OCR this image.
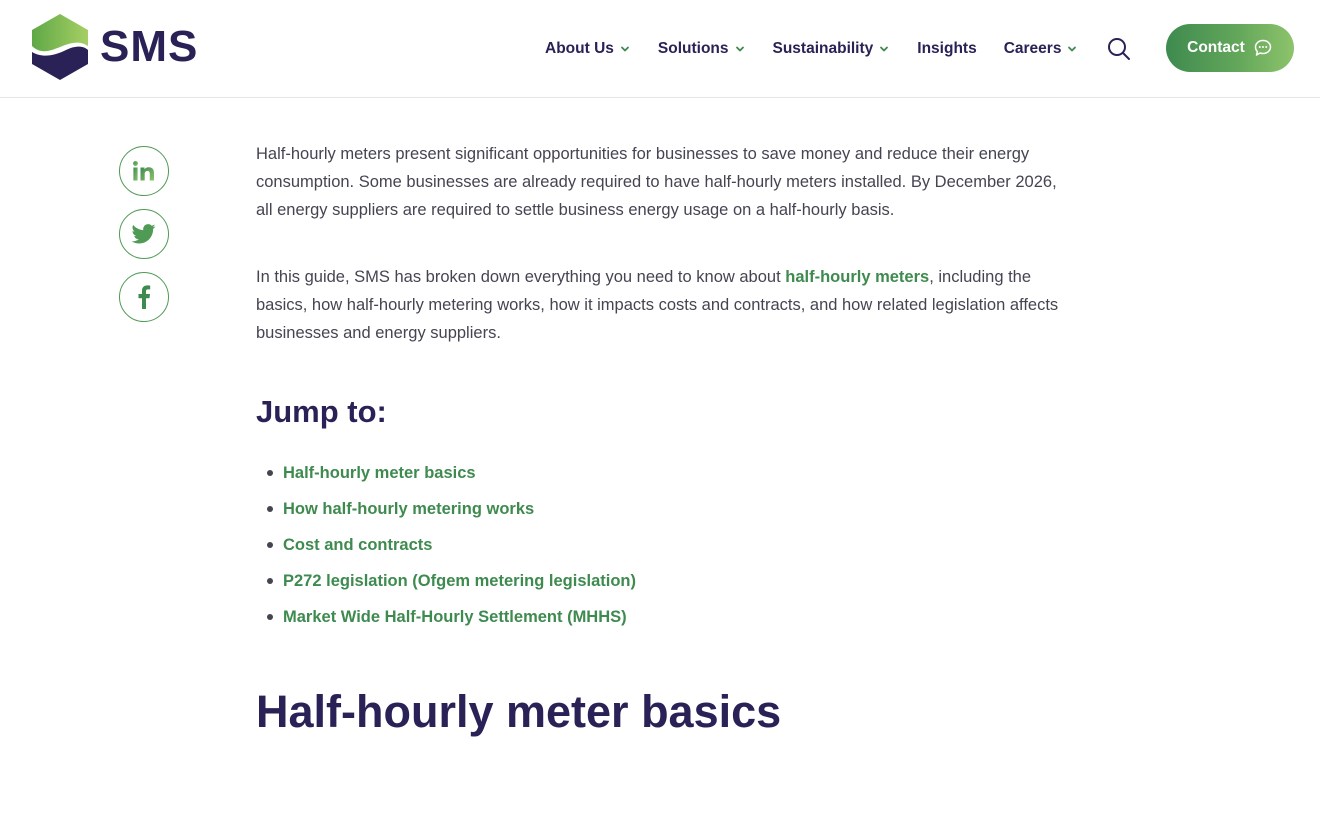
SMS	About Us	Solutions	Sustainability	Insights Careers	Contact

Half-hourly meters present significant opportunities for businesses to save money and reduce their energy consumption. Some businesses are already required to have half-hourly meters installed. By December 2026, all energy suppliers are required to settle business energy usage on a half-hourly basis.

In this guide, SMS has broken down everything you need to know about half-hourly meters, including the basics, how half-hourly metering works, how it impacts costs and contracts, and how related legislation affects businesses and energy suppliers.

Jump to:
Half-hourly meter basics
How half-hourly metering works
Cost and contracts
P272 legislation (Ofgem metering legislation)
Market Wide Half-Hourly Settlement (MHHS)
Half-hourly meter basics
